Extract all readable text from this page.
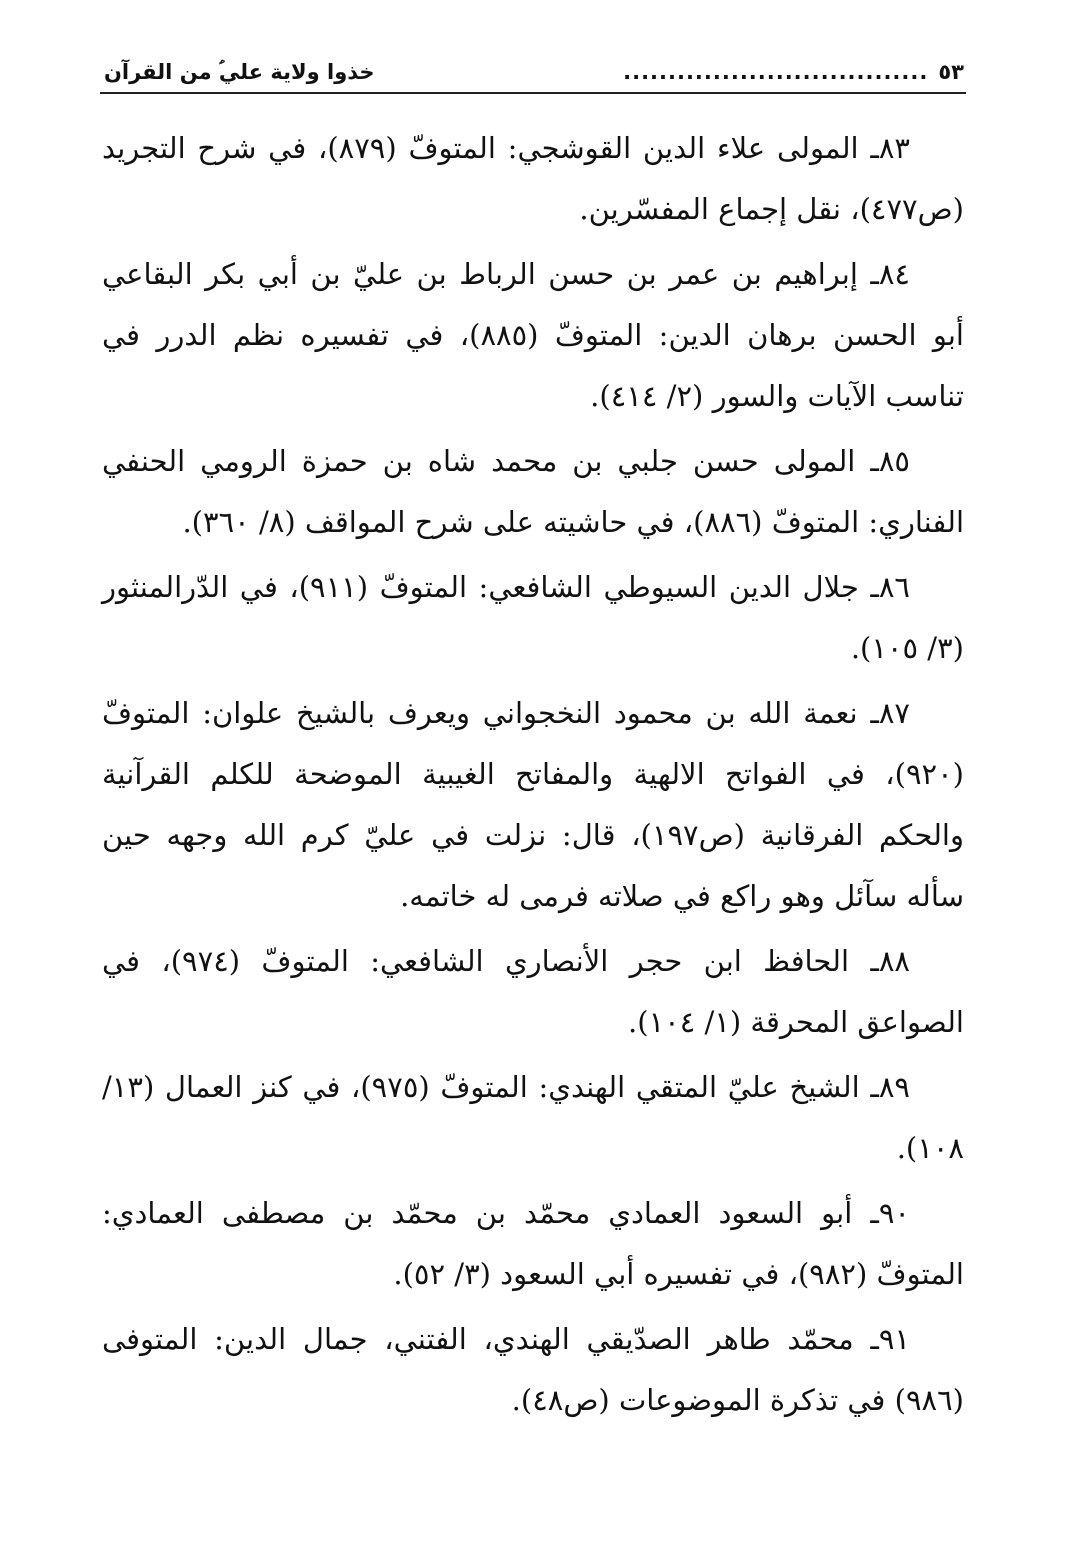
٥٣
..................................
خذوا ولاية علي‌ؑ من القرآن

٨٣ـ المولى علاء الدين القوشجي: المتوفّ (٨٧٩)، في شرح التجريد (ص٤٧٧)، نقل إجماع المفسّرين.

٨٤ـ إبراهيم بن عمر بن حسن الرباط بن عليّ بن أبي بكر البقاعي أبو الحسن برهان الدين: المتوفّ (٨٨٥)، في تفسيره نظم الدرر في تناسب الآيات والسور (٢/ ٤١٤).

٨٥ـ المولى حسن جلبي بن محمد شاه بن حمزة الرومي الحنفي الفناري: المتوفّ (٨٨٦)، في حاشيته على شرح المواقف (٨/ ٣٦٠).

٨٦ـ جلال الدين السيوطي الشافعي: المتوفّ (٩١١)، في الدّرالمنثور (٣/ ١٠٥).

٨٧ـ نعمة الله بن محمود النخجواني ويعرف بالشيخ علوان: المتوفّ (٩٢٠)، في الفواتح الالهية والمفاتح الغيبية الموضحة للكلم القرآنية والحكم الفرقانية (ص١٩٧)، قال: نزلت في عليّ كرم الله وجهه حين سأله سآئل وهو راكع في صلاته فرمى له خاتمه.

٨٨ـ الحافظ ابن حجر الأنصاري الشافعي: المتوفّ (٩٧٤)، في الصواعق المحرقة (١/ ١٠٤).

٨٩ـ الشيخ عليّ المتقي الهندي: المتوفّ (٩٧٥)، في كنز العمال (١٣/ ١٠٨).

٩٠ـ أبو السعود العمادي محمّد بن محمّد بن مصطفى العمادي: المتوفّ (٩٨٢)، في تفسيره أبي السعود (٣/ ٥٢).

٩١ـ محمّد طاهر الصدّيقي الهندي، الفتني، جمال الدين: المتوفى (٩٨٦) في تذكرة الموضوعات (ص٤٨).
